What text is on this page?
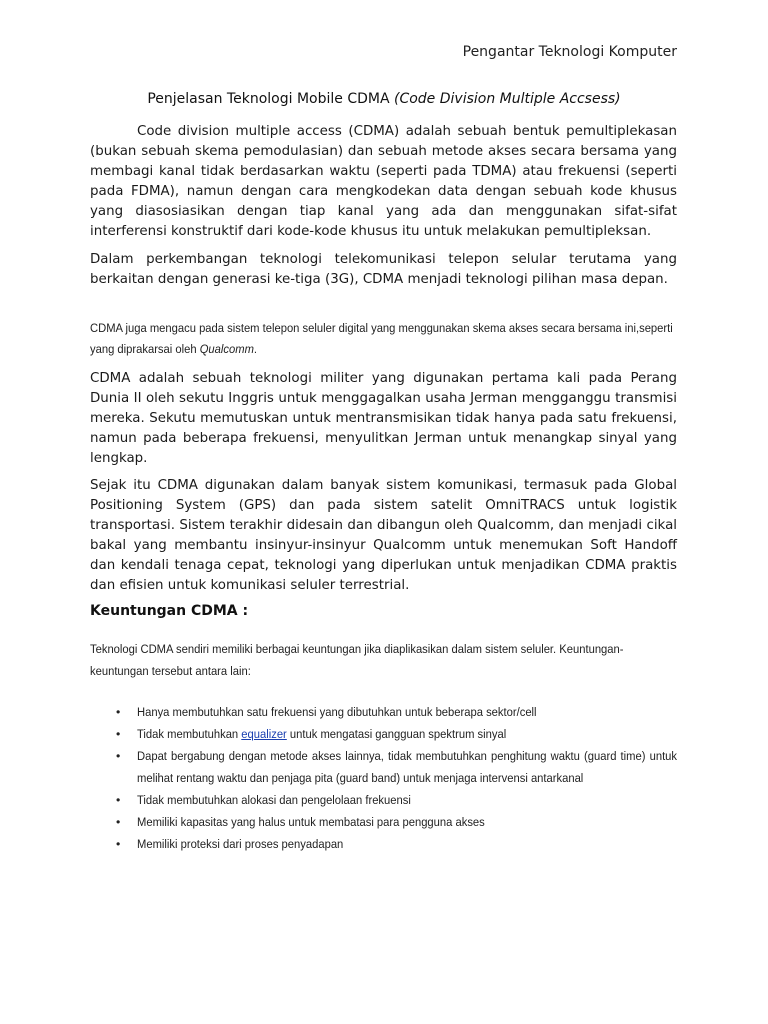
Pengantar Teknologi Komputer
Penjelasan Teknologi Mobile CDMA (Code Division Multiple Accsess)

Code division multiple access (CDMA) adalah sebuah bentuk pemultiplekasan (bukan sebuah skema pemodulasian) dan sebuah metode akses secara bersama yang membagi kanal tidak berdasarkan waktu (seperti pada TDMA) atau frekuensi (seperti pada FDMA), namun dengan cara mengkodekan data dengan sebuah kode khusus yang diasosiasikan dengan tiap kanal yang ada dan menggunakan sifat-sifat interferensi konstruktif dari kode-kode khusus itu untuk melakukan pemultipleksan.

Dalam perkembangan teknologi telekomunikasi telepon selular terutama yang berkaitan dengan generasi ke-tiga (3G), CDMA menjadi teknologi pilihan masa depan.

CDMA juga mengacu pada sistem telepon seluler digital yang menggunakan skema akses secara bersama ini,seperti yang diprakarsai oleh Qualcomm.

CDMA adalah sebuah teknologi militer yang digunakan pertama kali pada Perang Dunia II oleh sekutu Inggris untuk menggagalkan usaha Jerman mengganggu transmisi mereka. Sekutu memutuskan untuk mentransmisikan tidak hanya pada satu frekuensi, namun pada beberapa frekuensi, menyulitkan Jerman untuk menangkap sinyal yang lengkap.

Sejak itu CDMA digunakan dalam banyak sistem komunikasi, termasuk pada Global Positioning System (GPS) dan pada sistem satelit OmniTRACS untuk logistik transportasi. Sistem terakhir didesain dan dibangun oleh Qualcomm, dan menjadi cikal bakal yang membantu insinyur-insinyur Qualcomm untuk menemukan Soft Handoff dan kendali tenaga cepat, teknologi yang diperlukan untuk menjadikan CDMA praktis dan efisien untuk komunikasi seluler terrestrial.

Keuntungan CDMA :

Teknologi CDMA sendiri memiliki berbagai keuntungan jika diaplikasikan dalam sistem seluler. Keuntungan-keuntungan tersebut antara lain:

• Hanya membutuhkan satu frekuensi yang dibutuhkan untuk beberapa sektor/cell
• Tidak membutuhkan equalizer untuk mengatasi gangguan spektrum sinyal
• Dapat bergabung dengan metode akses lainnya, tidak membutuhkan penghitung waktu (guard time) untuk melihat rentang waktu dan penjaga pita (guard band) untuk menjaga intervensi antarkanal
• Tidak membutuhkan alokasi dan pengelolaan frekuensi
• Memiliki kapasitas yang halus untuk membatasi para pengguna akses
• Memiliki proteksi dari proses penyadapan
